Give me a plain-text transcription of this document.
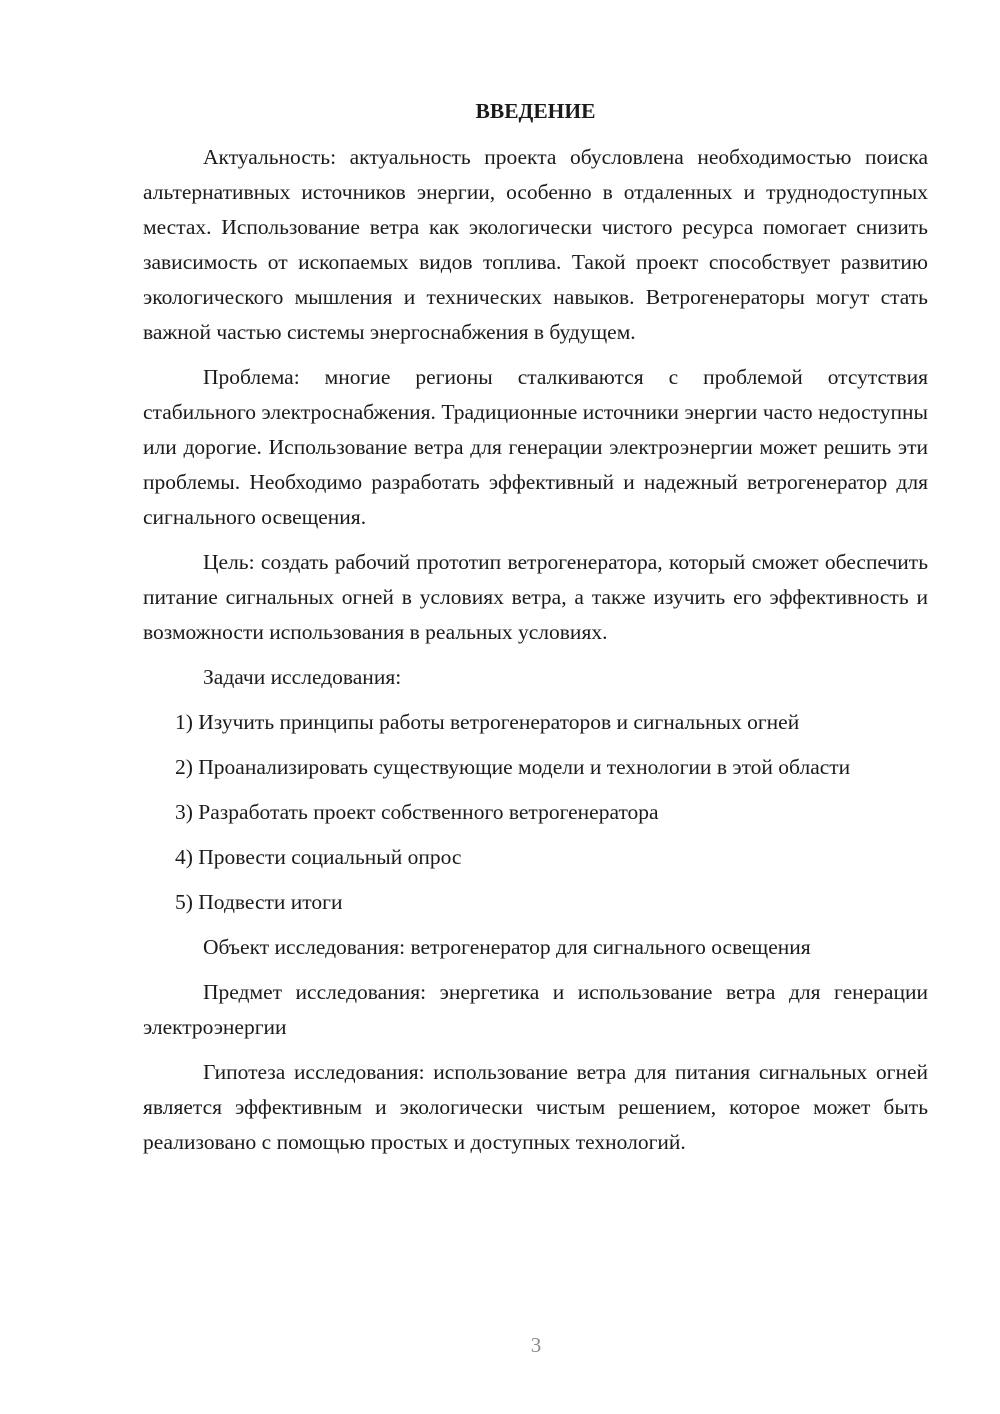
ВВЕДЕНИЕ

Актуальность: актуальность проекта обусловлена необходимостью поиска альтернативных источников энергии, особенно в отдаленных и труднодоступных местах. Использование ветра как экологически чистого ресурса помогает снизить зависимость от ископаемых видов топлива. Такой проект способствует развитию экологического мышления и технических навыков. Ветрогенераторы могут стать важной частью системы энергоснабжения в будущем.

Проблема: многие регионы сталкиваются с проблемой отсутствия стабильного электроснабжения. Традиционные источники энергии часто недоступны или дорогие. Использование ветра для генерации электроэнергии может решить эти проблемы. Необходимо разработать эффективный и надежный ветрогенератор для сигнального освещения.

Цель: создать рабочий прототип ветрогенератора, который сможет обеспечить питание сигнальных огней в условиях ветра, а также изучить его эффективность и возможности использования в реальных условиях.

Задачи исследования:

1) Изучить принципы работы ветрогенераторов и сигнальных огней

2) Проанализировать существующие модели и технологии в этой области

3) Разработать проект собственного ветрогенератора

4) Провести социальный опрос

5) Подвести итоги

Объект исследования: ветрогенератор для сигнального освещения

Предмет исследования: энергетика и использование ветра для генерации электроэнергии

Гипотеза исследования: использование ветра для питания сигнальных огней является эффективным и экологически чистым решением, которое может быть реализовано с помощью простых и доступных технологий.

3
